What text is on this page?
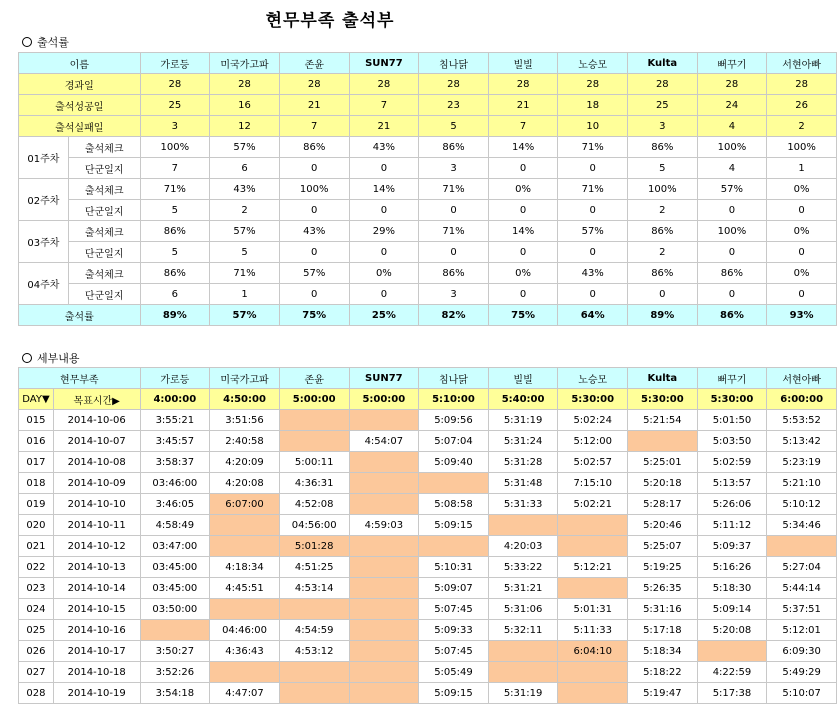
현무부족 출석부
출석률
이름		가로등	미국가고파	존윤	SUN77	침나닭	빌빌	노승모	Kulta	뻐꾸기	서현아빠
경과일		28	28	28	28	28	28	28	28	28	28
출석성공일		25	16	21	7	23	21	18	25	24	26
출석실패일		3	12	7	21	5	7	10	3	4	2
01주차	출석체크	100%	57%	86%	43%	86%	14%	71%	86%	100%	100%
	단군일지	7	6	0	0	3	0	0	5	4	1
02주차	출석체크	71%	43%	100%	14%	71%	0%	71%	100%	57%	0%
	단군일지	5	2	0	0	0	0	0	2	0	0
03주차	출석체크	86%	57%	43%	29%	71%	14%	57%	86%	100%	0%
	단군일지	5	5	0	0	0	0	0	2	0	0
04주차	출석체크	86%	71%	57%	0%	86%	0%	43%	86%	86%	0%
	단군일지	6	1	0	0	3	0	0	0	0	0
출석률		89%	57%	75%	25%	82%	75%	64%	89%	86%	93%
세부내용
현무부족		가로등	미국가고파	존윤	SUN77	침나닭	빌빌	노승모	Kulta	뻐꾸기	서현아빠
DAY▼	목표시간▶	4:00:00	4:50:00	5:00:00	5:00:00	5:10:00	5:40:00	5:30:00	5:30:00	5:30:00	6:00:00
015	2014-10-06	3:55:21	3:51:56			5:09:56	5:31:19	5:02:24	5:21:54	5:01:50	5:53:52
016	2014-10-07	3:45:57	2:40:58		4:54:07	5:07:04	5:31:24	5:12:00		5:03:50	5:13:42
017	2014-10-08	3:58:37	4:20:09	5:00:11		5:09:40	5:31:28	5:02:57	5:25:01	5:02:59	5:23:19
018	2014-10-09	03:46:00	4:20:08	4:36:31			5:31:48	7:15:10	5:20:18	5:13:57	5:21:10
019	2014-10-10	3:46:05	6:07:00	4:52:08		5:08:58	5:31:33	5:02:21	5:28:17	5:26:06	5:10:12
020	2014-10-11	4:58:49		04:56:00	4:59:03	5:09:15			5:20:46	5:11:12	5:34:46
021	2014-10-12	03:47:00		5:01:28			4:20:03		5:25:07	5:09:37	
022	2014-10-13	03:45:00	4:18:34	4:51:25		5:10:31	5:33:22	5:12:21	5:19:25	5:16:26	5:27:04
023	2014-10-14	03:45:00	4:45:51	4:53:14		5:09:07	5:31:21		5:26:35	5:18:30	5:44:14
024	2014-10-15	03:50:00				5:07:45	5:31:06	5:01:31	5:31:16	5:09:14	5:37:51
025	2014-10-16		04:46:00	4:54:59		5:09:33	5:32:11	5:11:33	5:17:18	5:20:08	5:12:01
026	2014-10-17	3:50:27	4:36:43	4:53:12		5:07:45		6:04:10	5:18:34		6:09:30
027	2014-10-18	3:52:26				5:05:49			5:18:22	4:22:59	5:49:29
028	2014-10-19	3:54:18	4:47:07			5:09:15	5:31:19		5:19:47	5:17:38	5:10:07
